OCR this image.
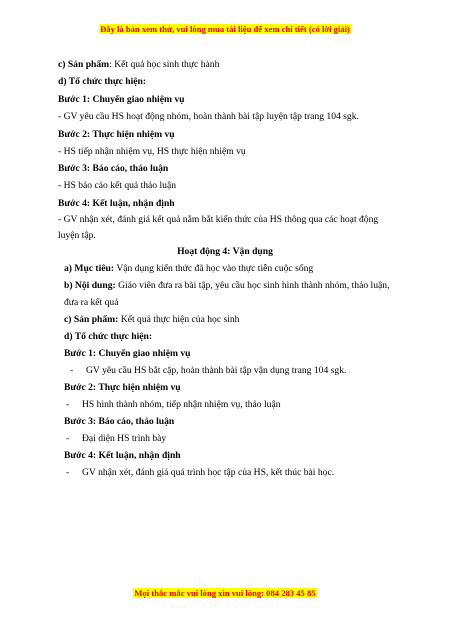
Đây là bản xem thử, vui lòng mua tài liệu để xem chi tiết (có lời giải)
c) Sản phẩm: Kết quả học sinh thực hành
d) Tổ chức thực hiện:
Bước 1: Chuyển giao nhiệm vụ
- GV yêu cầu HS hoạt động nhóm, hoàn thành bài tập luyện tập trang 104 sgk.
Bước 2: Thực hiện nhiệm vụ
- HS tiếp nhận nhiệm vụ, HS thực hiện nhiệm vụ
Bước 3: Báo cáo, thảo luận
- HS báo cáo kết quả thảo luận
Bước 4: Kết luận, nhận định
- GV nhận xét, đánh giá kết quả nắm bắt kiến thức của HS thông qua các hoạt động
luyện tập.
Hoạt động 4: Vận dụng
a) Mục tiêu: Vận dụng kiến thức đã học vào thực tiễn cuộc sống
b) Nội dung: Giáo viên đưa ra bài tập, yêu cầu học sinh hình thành nhóm, thảo luận,
đưa ra kết quả
c) Sản phẩm: Kết quả thực hiện của học sinh
d) Tổ chức thực hiện:
Bước 1: Chuyển giao nhiệm vụ
- GV yêu cầu HS bắt cặp, hoàn thành bài tập vận dụng trang 104 sgk.
Bước 2: Thực hiện nhiệm vụ
- HS hình thành nhóm, tiếp nhận nhiệm vụ, thảo luận
Bước 3: Báo cáo, thảo luận
- Đại diện HS trình bày
Bước 4: Kết luận, nhận định
- GV nhận xét, đánh giá quá trình học tập của HS, kết thúc bài học.
Mọi thắc mắc vui lòng xin vui lòng: 084 283 45 85
